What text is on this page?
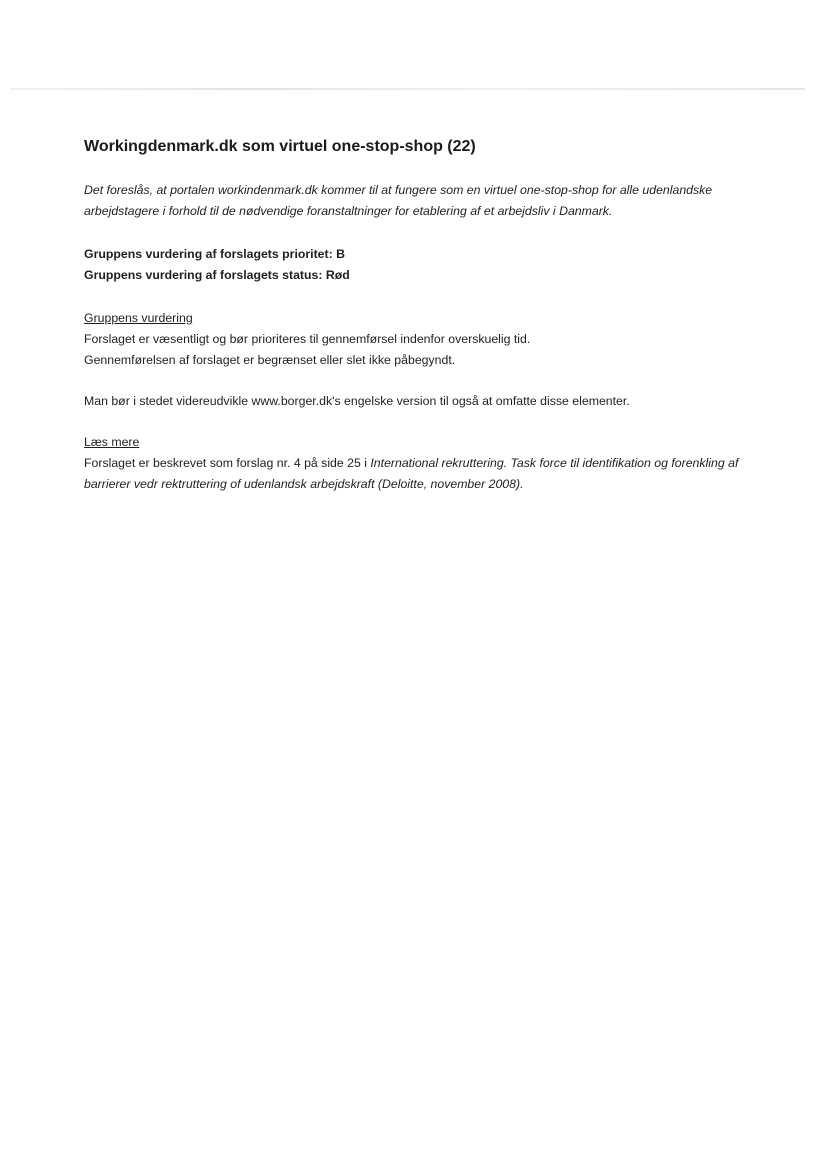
Workingdenmark.dk som virtuel one-stop-shop (22)

Det foreslås, at portalen workindenmark.dk kommer til at fungere som en virtuel one-stop-shop for alle udenlandske arbejdstagere i forhold til de nødvendige foranstaltninger for etablering af et arbejdsliv i Danmark.

Gruppens vurdering af forslagets prioritet: B
Gruppens vurdering af forslagets status: Rød
Gruppens vurdering
Forslaget er væsentligt og bør prioriteres til gennemførsel indenfor overskuelig tid.
Gennemførelsen af forslaget er begrænset eller slet ikke påbegyndt.

Man bør i stedet videreudvikle www.borger.dk's engelske version til også at omfatte disse elementer.

Læs mere
Forslaget er beskrevet som forslag nr. 4 på side 25 i International rekruttering. Task force til identifikation og forenkling af barrierer vedr rektruttering of udenlandsk arbejdskraft (Deloitte, november 2008).
